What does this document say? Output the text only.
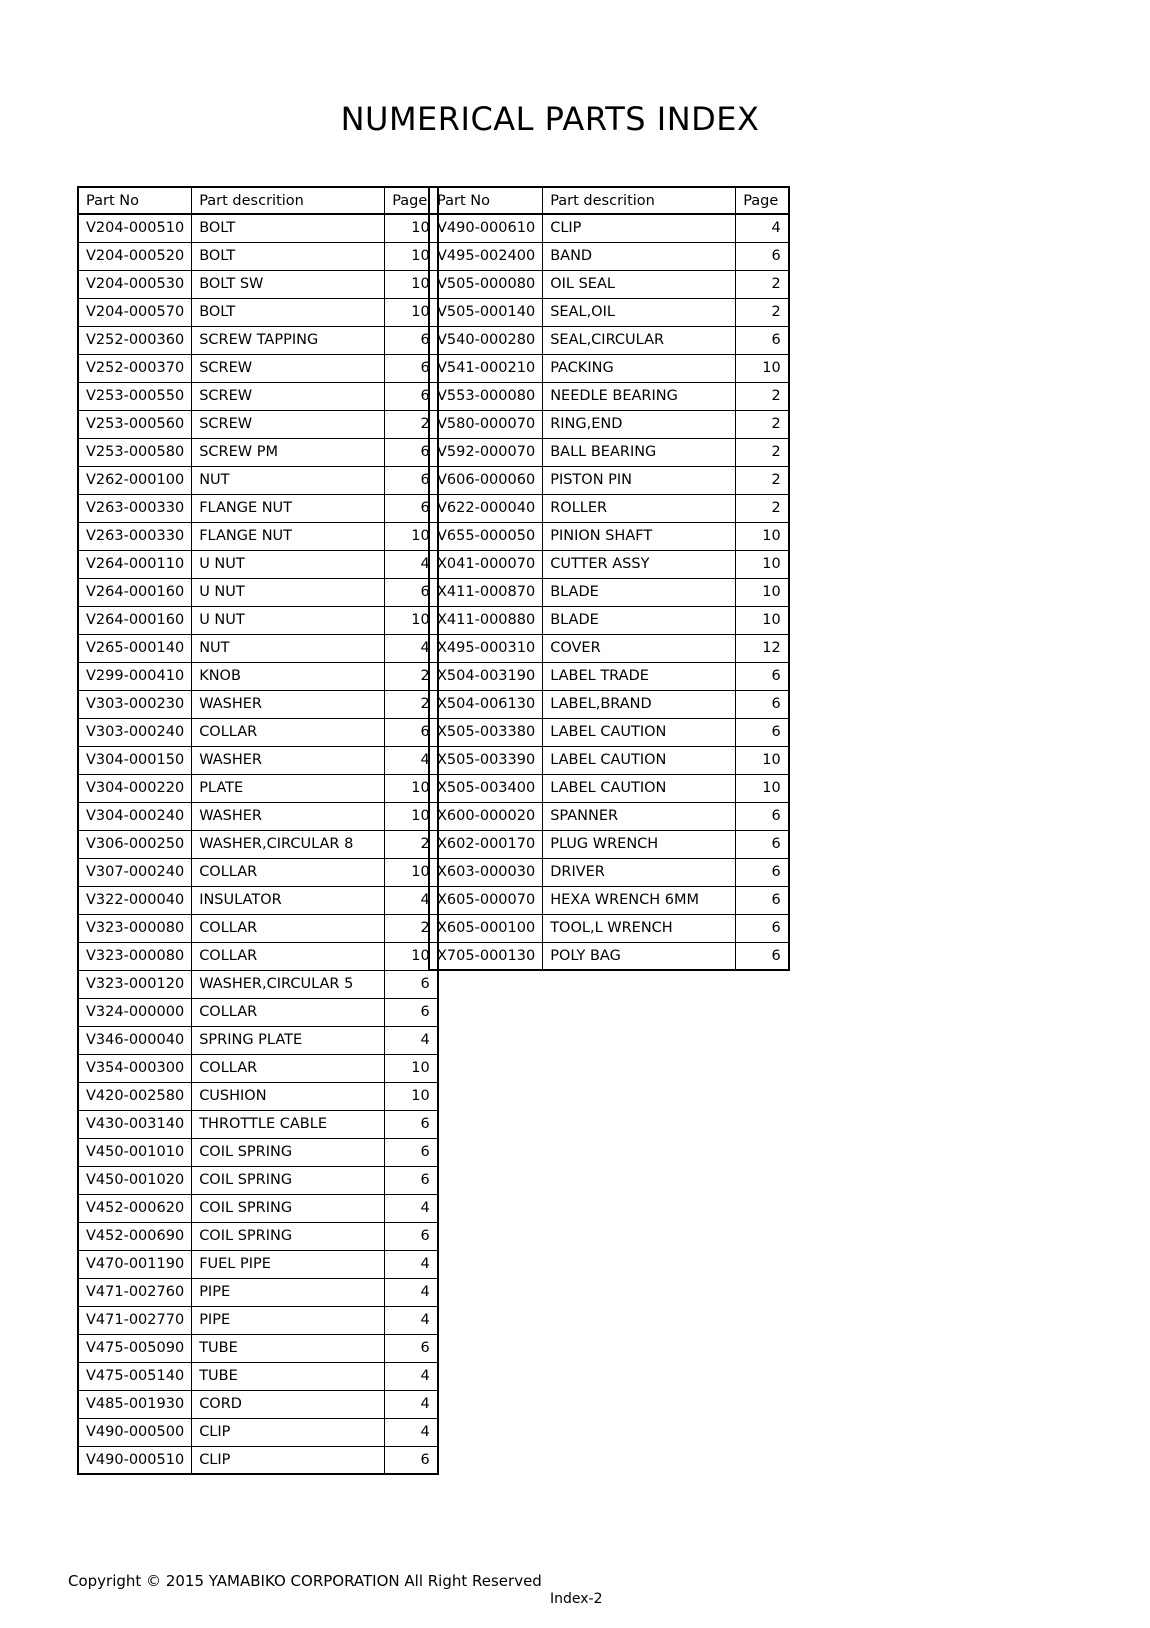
NUMERICAL PARTS INDEX
Part No	Part descrition	Page
V204-000510	BOLT	10
V204-000520	BOLT	10
V204-000530	BOLT SW	10
V204-000570	BOLT	10
V252-000360	SCREW TAPPING	6
V252-000370	SCREW	6
V253-000550	SCREW	6
V253-000560	SCREW	2
V253-000580	SCREW PM	6
V262-000100	NUT	6
V263-000330	FLANGE NUT	6
V263-000330	FLANGE NUT	10
V264-000110	U NUT	4
V264-000160	U NUT	6
V264-000160	U NUT	10
V265-000140	NUT	4
V299-000410	KNOB	2
V303-000230	WASHER	2
V303-000240	COLLAR	6
V304-000150	WASHER	4
V304-000220	PLATE	10
V304-000240	WASHER	10
V306-000250	WASHER,CIRCULAR 8	2
V307-000240	COLLAR	10
V322-000040	INSULATOR	4
V323-000080	COLLAR	2
V323-000080	COLLAR	10
V323-000120	WASHER,CIRCULAR 5	6
V324-000000	COLLAR	6
V346-000040	SPRING PLATE	4
V354-000300	COLLAR	10
V420-002580	CUSHION	10
V430-003140	THROTTLE CABLE	6
V450-001010	COIL SPRING	6
V450-001020	COIL SPRING	6
V452-000620	COIL SPRING	4
V452-000690	COIL SPRING	6
V470-001190	FUEL PIPE	4
V471-002760	PIPE	4
V471-002770	PIPE	4
V475-005090	TUBE	6
V475-005140	TUBE	4
V485-001930	CORD	4
V490-000500	CLIP	4
V490-000510	CLIP	6
Part No	Part descrition	Page
V490-000610	CLIP	4
V495-002400	BAND	6
V505-000080	OIL SEAL	2
V505-000140	SEAL,OIL	2
V540-000280	SEAL,CIRCULAR	6
V541-000210	PACKING	10
V553-000080	NEEDLE BEARING	2
V580-000070	RING,END	2
V592-000070	BALL BEARING	2
V606-000060	PISTON PIN	2
V622-000040	ROLLER	2
V655-000050	PINION SHAFT	10
X041-000070	CUTTER ASSY	10
X411-000870	BLADE	10
X411-000880	BLADE	10
X495-000310	COVER	12
X504-003190	LABEL TRADE	6
X504-006130	LABEL,BRAND	6
X505-003380	LABEL CAUTION	6
X505-003390	LABEL CAUTION	10
X505-003400	LABEL CAUTION	10
X600-000020	SPANNER	6
X602-000170	PLUG WRENCH	6
X603-000030	DRIVER	6
X605-000070	HEXA WRENCH 6MM	6
X605-000100	TOOL,L WRENCH	6
X705-000130	POLY BAG	6
Copyright © 2015 YAMABIKO CORPORATION All Right Reserved
Index-2
